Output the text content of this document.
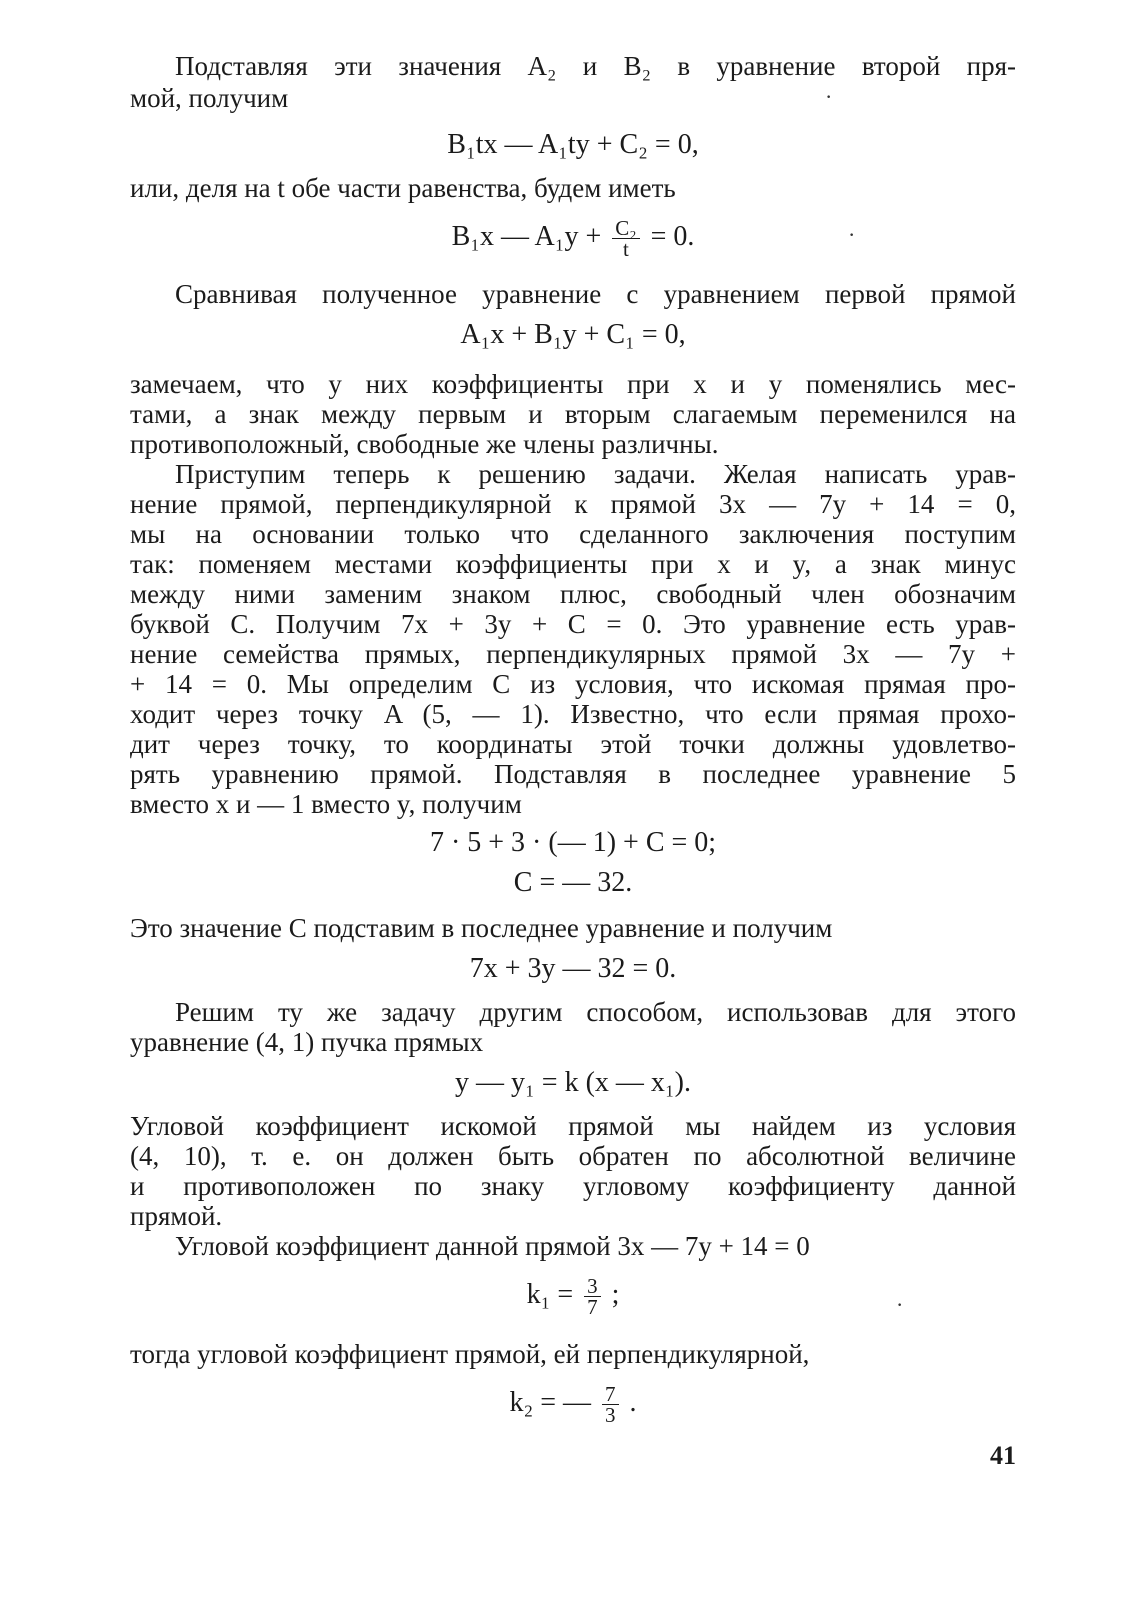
Подставляя эти значения A₂ и B₂ в уравнение второй пря-
мой, получим	·
B₁tx — A₁ty + C₂ = 0,
или, деля на t обе части равенства, будем иметь
B₁x — $A_1y + \frac{\text{C₂}}{t} = 0$.	·
Сравнивая полученное уравнение с уравнением первой прямой
A₁x + B₁y + C₁ = 0,
замечаем, что у них коэффициенты при x и y поменялись мес-
тами, а знак между первым и вторым слагаемым переменился на
противоположный, свободные же члены различны.
Приступим теперь к решению задачи. Желая написать урав-
нение прямой, перпендикулярной к прямой 3x — 7y + 14 = 0,
мы на основании только что сделанного заключения поступим
так: поменяем местами коэффициенты при x и y, а знак минус
между ними заменим знаком плюс, свободный член обозначим
буквой C. Получим 7x + 3y + C = 0. Это уравнение есть урав-
нение семейства прямых, перпендикулярных прямой 3x — 7y +
+ 14 = 0. Мы определим C из условия, что искомая прямая про-
ходит через точку A (5, — 1). Известно, что если прямая прохо-
дит через точку, то координаты этой точки должны удовлетво-
рять уравнению прямой. Подставляя в последнее уравнение 5
вместо x и — 1 вместо y, получим
7 · 5 + 3 · (— 1) + C = 0;
C = — 32.
Это значение C подставим в последнее уравнение и получим
7x + 3y — 32 = 0.
Решим ту же задачу другим способом, использовав для этого
уравнение (4, 1) пучка прямых
y — y₁ = k (x — x₁).
Угловой коэффициент искомой прямой мы найдем из условия
(4, 10), т. е. он должен быть обратен по абсолютной величине
и противоположен по знаку угловому коэффициенту данной
прямой.
Угловой коэффициент данной прямой 3x — 7y + 14 = 0
$k_1 = \frac{3}{7}$ ;	·
тогда угловой коэффициент прямой, ей перпендикулярной,
k₂ = — $\frac{7}{3}$ .
41
